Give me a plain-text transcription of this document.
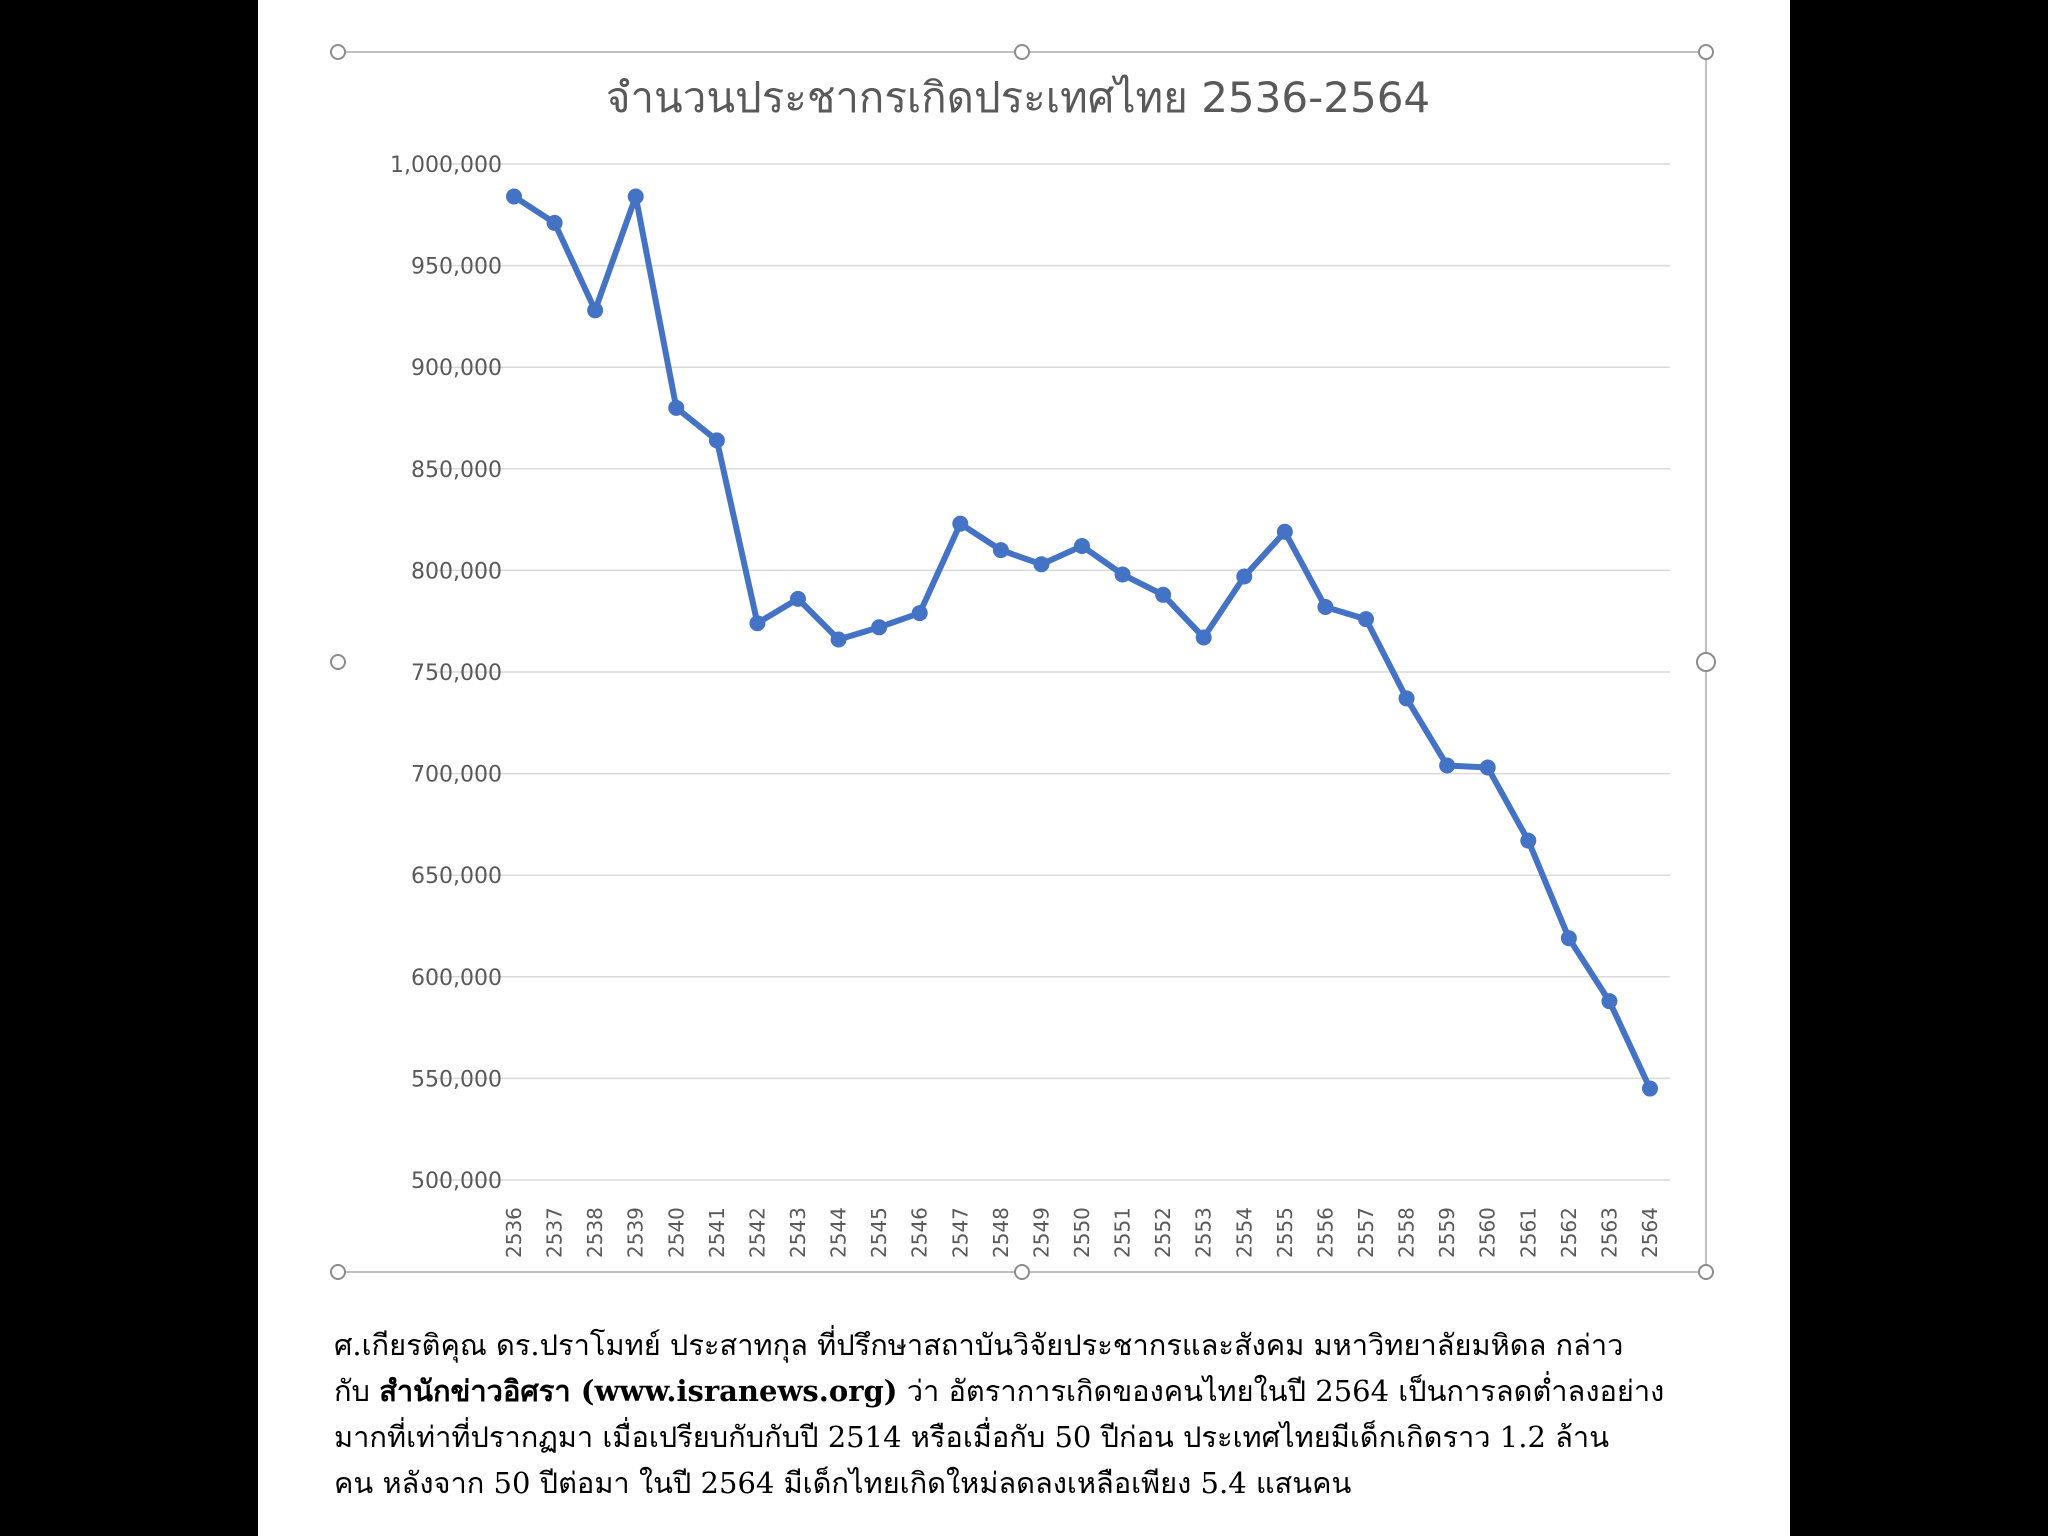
จำนวนประชากรเกิดประเทศไทย 2536-2564
1,000,000
950,000
900,000
850,000
800,000
750,000
700,000
650,000
600,000
550,000
500,000
2536 2537 2538 2539 2540 2541 2542 2543 2544 2545 2546 2547 2548 2549 2550 2551 2552 2553 2554 2555 2556 2557 2558 2559 2560 2561 2562 2563 2564
ศ.เกียรติคุณ ดร.ปราโมทย์ ประสาทกุล ที่ปรึกษาสถาบันวิจัยประชากรและสังคม มหาวิทยาลัยมหิดล กล่าว
กับ สำนักข่าวอิศรา (www.isranews.org) ว่า อัตราการเกิดของคนไทยในปี 2564 เป็นการลดต่ำลงอย่าง
มากที่เท่าที่ปรากฏมา เมื่อเปรียบกับกับปี 2514 หรือเมื่อกับ 50 ปีก่อน ประเทศไทยมีเด็กเกิดราว 1.2 ล้าน
คน หลังจาก 50 ปีต่อมา ในปี 2564 มีเด็กไทยเกิดใหม่ลดลงเหลือเพียง 5.4 แสนคน
